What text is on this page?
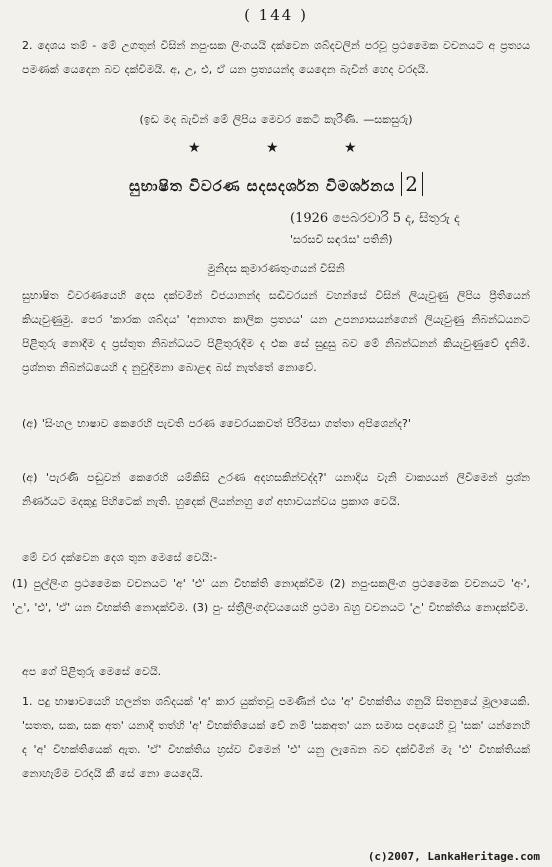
( 144 )
2. දෙශය තම් - මේ උගතුන් විසින් නපුංසක ලිංගයයි දක්වෙන ශබ්දවලින් පරවූ ප්‍රථමෛක වචනයට අ ප්‍රත්‍යය පමණක් යෙදෙන බව දක්වීමයි. අ, උ, එ, ඒ යන ප්‍රත්‍යයන්ද යෙදෙන බැවින් හෙද වරදයි.
(ඉඩ මද බැවින් මේ ලිපිය මෙවර කෙටි කැරිණි. —සකසුරු)
★	★	★
සුභාෂිත විවරණ සදසදර්ශන විමර්ශනය 2
(1926 පෙබරවාරි 5 ද, සිතුරු ද
'සරසවි සඳරැස' පතිනි)
මුනිදස කුමාරණතුංගයන් විසිනි
සුභාෂිත විවරණයෙහි දෙස දක්වමින් විජයානන්ද සඬිවරයන් වහන්සේ විසින් ලියැවුණු ලිපිය ප්‍රීතියෙන් කියැවුණුමු. පෙර 'කාරක ශබ්දය' 'අනාගත කාලික ප්‍රත්‍යය' යන උපන්‍යාසයන්ගෙන් ලියැවුණු නිබන්ධයනට පිළිතුරු නොදීම ද ප්‍රස්තුත නිබන්ධයට පිළිතුරුදීම ද එක සේ සුදුසු බව මේ නිබන්ධනන් කියැවුණුවේ දැනිමී. ප්‍රශ්නත නිබන්ධයෙහි ද නුවුදිමනා බොළඳ බස් නැත්තේ නොවේ.
(අ) 'සිංහල භාෂාව කෙරෙහි පැවති පරණ වෛරයකවත් පිරිමසා ගත්තා අපිශෙන්ද?'
(අ) 'පැරණි පඬුවන් කෙරෙහි යම්කිසි උරණ අදහසකින්වද්ද?' යනාදිය වැනි වාක්‍යයන් ලිවීමෙන් ප්‍රශ්න නිර්ණයට මදකුදු පිහිටෙක් නැති. හුදෙක් ලියන්නහු ගේ අභාවයන්වය ප්‍රකාශ වෙයි.
මේ වර දක්වෙන දෙශ තුන මෙසේ වෙයි:-
(1) පුල්ලිංග ප්‍රථමෛක වචනයට 'අ' 'එ' යන විභක්ති නොදක්වීම (2) නපුංසකලිංග ප්‍රථමෛක වචනයට 'අං', 'උ', 'එ', 'ඒ' යන විභක්ති නොදක්වීම. (3) පුං ස්ත්‍රීලිංගද්වයයෙහි ප්‍රථමා බහු වචනයට 'උ' විභක්තිය නොදක්වීම.
අප ගේ පිළිතුරු මෙසේ වෙයි.
1. පදු භාෂාවයෙහි හලන්ත ශබ්දයක් 'අ' කාර යුක්තවූ පමණින් එය 'අ' විභක්තිය ගනුයි සිතනුයේ මූලායෙකි. 'සතත, සක, සක අත' යනාදී තත්හි 'අ' විභක්තියෙක් වේ නම් 'සකඅත' යන සමාස පදයෙහි වූ 'සක' යන්නෙහි ද 'අ' විභක්තියෙක් ඇත. 'ඒ' විභක්තිය හ්‍රස්ව වීමෙන් 'එ' යනු ලැබෙන බව දක්වීමින් මැ 'එ' විභක්තියක් නොහැම්ම වරදයි කී සේ නො යෙදෙයි.
(c)2007, LankaHeritage.com
